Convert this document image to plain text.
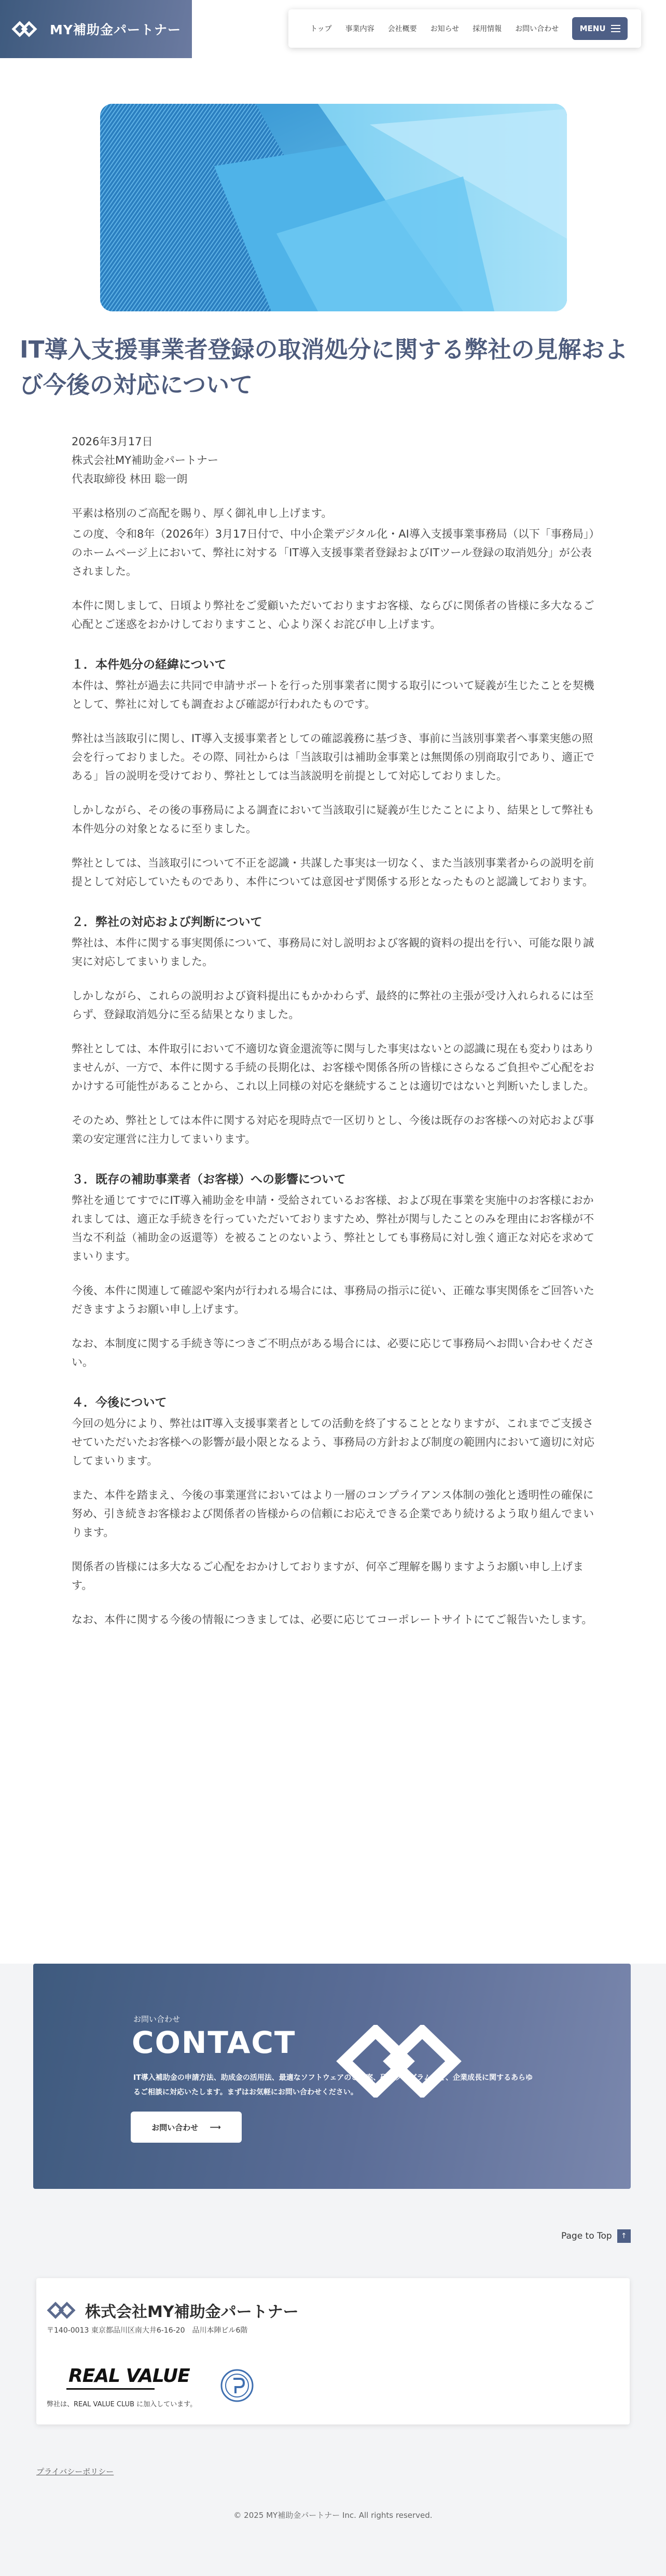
MY補助金パートナー	トップ 事業内容 会社概要 お知らせ 採用情報 お問い合わせ	MENU
IT導入支援事業者登録の取消処分に関する弊社の見解および今後の対応について

2026年3月17日

株式会社MY補助金パートナー

代表取締役 林田 聡一朗

平素は格別のご高配を賜り、厚く御礼申し上げます。

この度、令和8年（2026年）3月17日付で、中小企業デジタル化・AI導入支援事業事務局（以下「事務局」）のホームページ上において、弊社に対する「IT導入支援事業者登録およびITツール登録の取消処分」が公表されました。

本件に関しまして、日頃より弊社をご愛顧いただいておりますお客様、ならびに関係者の皆様に多大なるご心配とご迷惑をおかけしておりますこと、心より深くお詫び申し上げます。

１．本件処分の経緯について

本件は、弊社が過去に共同で申請サポートを行った別事業者に関する取引について疑義が生じたことを契機として、弊社に対しても調査および確認が行われたものです。

弊社は当該取引に関し、IT導入支援事業者としての確認義務に基づき、事前に当該別事業者へ事業実態の照会を行っておりました。その際、同社からは「当該取引は補助金事業とは無関係の別商取引であり、適正である」旨の説明を受けており、弊社としては当該説明を前提として対応しておりました。

しかしながら、その後の事務局による調査において当該取引に疑義が生じたことにより、結果として弊社も本件処分の対象となるに至りました。

弊社としては、当該取引について不正を認識・共謀した事実は一切なく、また当該別事業者からの説明を前提として対応していたものであり、本件については意図せず関係する形となったものと認識しております。

２．弊社の対応および判断について

弊社は、本件に関する事実関係について、事務局に対し説明および客観的資料の提出を行い、可能な限り誠実に対応してまいりました。

しかしながら、これらの説明および資料提出にもかかわらず、最終的に弊社の主張が受け入れられるには至らず、登録取消処分に至る結果となりました。

弊社としては、本件取引において不適切な資金還流等に関与した事実はないとの認識に現在も変わりはありませんが、一方で、本件に関する手続の長期化は、お客様や関係各所の皆様にさらなるご負担やご心配をおかけする可能性があることから、これ以上同様の対応を継続することは適切ではないと判断いたしました。

そのため、弊社としては本件に関する対応を現時点で一区切りとし、今後は既存のお客様への対応および事業の安定運営に注力してまいります。

３．既存の補助事業者（お客様）への影響について

弊社を通じてすでにIT導入補助金を申請・受給されているお客様、および現在事業を実施中のお客様におかれましては、適正な手続きを行っていただいておりますため、弊社が関与したことのみを理由にお客様が不当な不利益（補助金の返還等）を被ることのないよう、弊社としても事務局に対し強く適正な対応を求めてまいります。

今後、本件に関連して確認や案内が行われる場合には、事務局の指示に従い、正確な事実関係をご回答いただきますようお願い申し上げます。

なお、本制度に関する手続き等につきご不明点がある場合には、必要に応じて事務局へお問い合わせください。

４．今後について

今回の処分により、弊社はIT導入支援事業者としての活動を終了することとなりますが、これまでご支援させていただいたお客様への影響が最小限となるよう、事務局の方針および制度の範囲内において適切に対応してまいります。

また、本件を踏まえ、今後の事業運営においてはより一層のコンプライアンス体制の強化と透明性の確保に努め、引き続きお客様および関係者の皆様からの信頼にお応えできる企業であり続けるよう取り組んでまいります。

関係者の皆様には多大なるご心配をおかけしておりますが、何卒ご理解を賜りますようお願い申し上げます。

なお、本件に関する今後の情報につきましては、必要に応じてコーポレートサイトにてご報告いたします。

お問い合わせ
CONTACT

IT導入補助金の申請方法、助成金の活用法、最適なソフトウェアのご提案、研修プログラムなど、企業成長に関するあらゆるご相談に対応いたします。まずはお気軽にお問い合わせください。

お問い合わせ ⟶
Page to Top	↑
株式会社MY補助金パートナー
〒140-0013 東京都品川区南大井6-16-20　品川本陣ビル6階
REAL VALUE
弊社は、REAL VALUE CLUB に加入しています。
プライバシーポリシー
© 2025 MY補助金パートナー Inc. All rights reserved.
